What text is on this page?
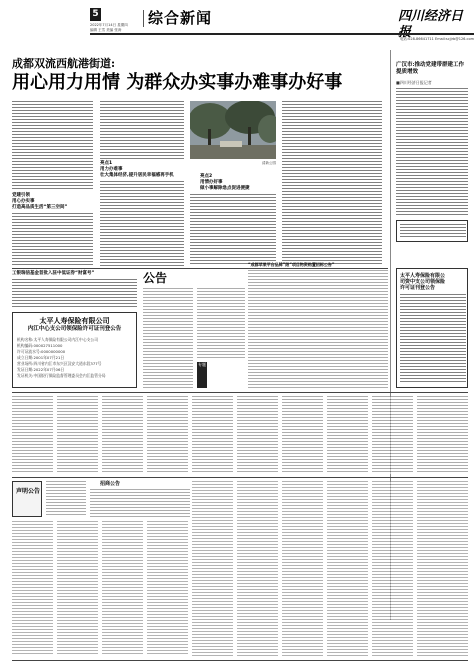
5
2022年7月14日 星期四
编辑 王雪 美编 张涛
综合新闻	四川经济日
电话:028-86641711 Email:scjjrb@126.com
成都双流西航港街道:
用心用力用情 为群众办实事办难事办好事
党建引领
用心办实事
打造高品质生活“第三空间”
亮点1
用力办难事
壮大集体经济,提升居民幸福感再手机
清新公园
亮点2
用情办好事
做小事解除急点促进便捷
广汉市:推动党建带群建工作提质增效
■四川经济日报记者
工银瑞信基金首批入驻中低证券“财富号”
太平人寿保险有限公司
内江中心支公司领保险许可证刊登公告
机构名称:太平人寿保险有限公司内江中心支公司
机构编码:000027511000
许可证流水号:0000000000
成立日期:2001年07月21日
营业场所:四川省内江市东兴区汉安大道东段377号
发证日期:2022年07月06日
发证机关:中国银行保险监督管理委员会内江监管分局
公告
专题
“成都苹果平台品牌”限“项目物资购置招标公告”
太平人寿保险有限公
司资中支公司领保险
许可证刊登公告
声明公告
招商公告
